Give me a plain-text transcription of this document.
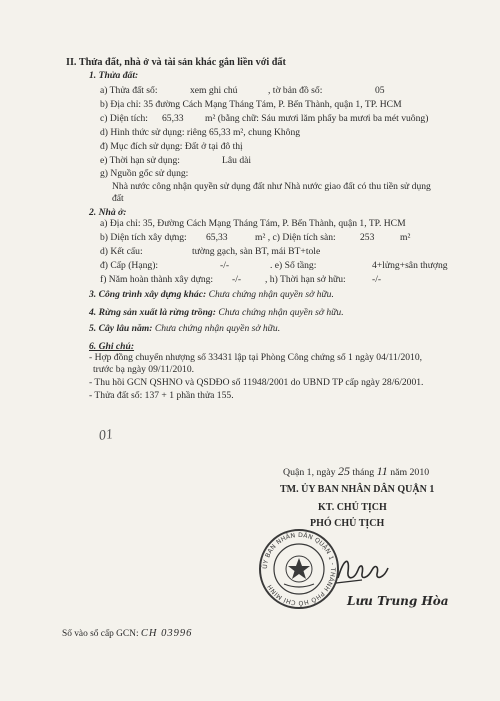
II. Thửa đất, nhà ở và tài sản khác gắn liền với đất
1. Thửa đất:
a) Thửa đất số:	xem ghi chú	, tờ bản đồ số:	05
b) Địa chỉ: 35 đường Cách Mạng Tháng Tám, P. Bến Thành, quận 1, TP. HCM
c) Diện tích: 65,33 m² (bằng chữ: Sáu mươi lăm phẩy ba mươi ba mét vuông)
d) Hình thức sử dụng: riêng 65,33 m², chung Không
đ) Mục đích sử dụng: Đất ở tại đô thị
e) Thời hạn sử dụng:	Lâu dài
g) Nguồn gốc sử dụng:
Nhà nước công nhận quyền sử dụng đất như Nhà nước giao đất có thu tiền sử dụng
đất
2. Nhà ở:
a) Địa chỉ: 35, Đường Cách Mạng Tháng Tám, P. Bến Thành, quận 1, TP. HCM
b) Diện tích xây dựng: 65,33	m² , c) Diện tích sàn:	253	m²
d) Kết cấu:	tường gạch, sàn BT, mái BT+tole
đ) Cấp (Hạng):	-/-	. e) Số tầng:	4+lửng+sân thượng
f) Năm hoàn thành xây dựng: -/- , h) Thời hạn sở hữu:	-/-
3. Công trình xây dựng khác: Chưa chứng nhận quyền sở hữu.
4. Rừng sản xuất là rừng trồng: Chưa chứng nhận quyền sở hữu.
5. Cây lâu năm: Chưa chứng nhận quyền sở hữu.
6. Ghi chú:
- Hợp đồng chuyển nhượng số 33431 lập tại Phòng Công chứng số 1 ngày 04/11/2010,
trước bạ ngày 09/11/2010.
- Thu hồi GCN QSHNO và QSDĐO số 11948/2001 do UBND TP cấp ngày 28/6/2001.
- Thửa đất số: 137 + 1 phần thửa 155.
01
Quận 1, ngày 25 tháng 11 năm 2010
TM. ỦY BAN NHÂN DÂN QUẬN 1
KT. CHỦ TỊCH
PHÓ CHỦ TỊCH
ỦY BAN NHÂN DÂN QUẬN 1 - THÀNH PHỐ HỒ CHÍ MINH
Lưu Trung Hòa
Số vào sổ cấp GCN: CH 03996
